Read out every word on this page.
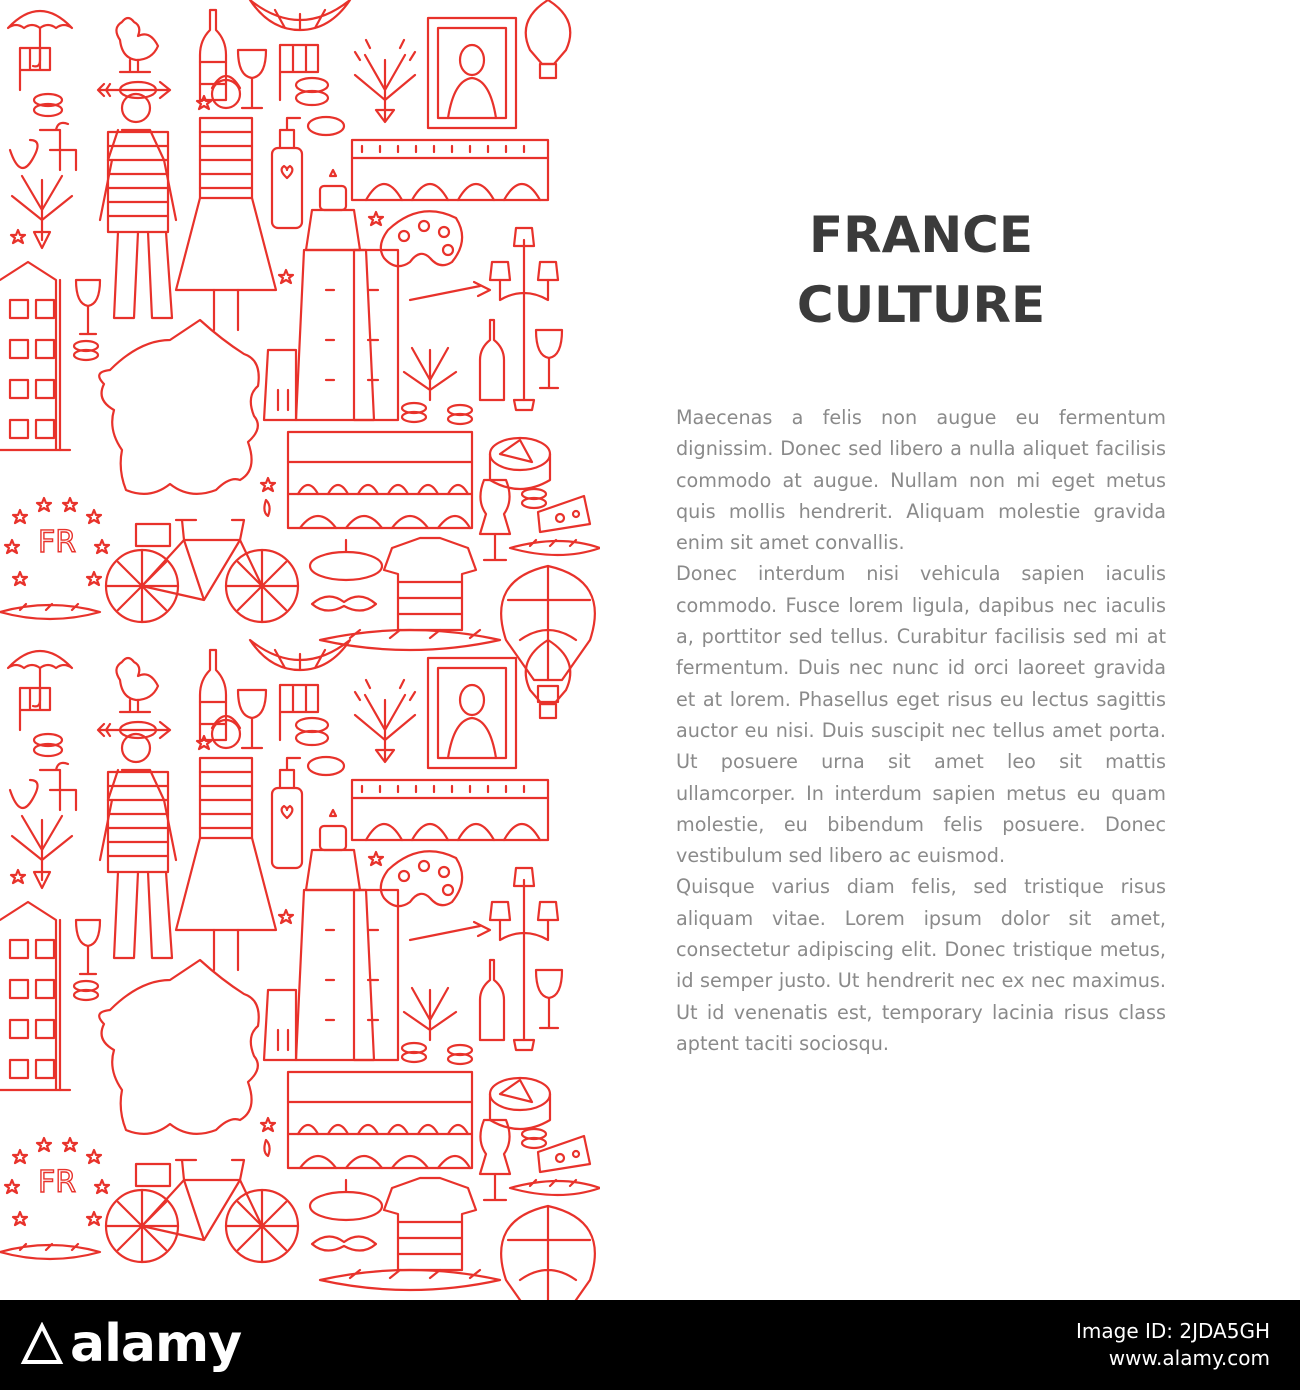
FR
FR
FRANCE
CULTURE

Maecenas a felis non augue eu fermentum dignissim. Donec sed libero a nulla aliquet facilisis commodo at augue. Nullam non mi eget metus quis mollis hendrerit. Aliquam molestie gravida enim sit amet convallis.

Donec interdum nisi vehicula sapien iaculis commodo. Fusce lorem ligula, dapibus nec iaculis a, porttitor sed tellus. Curabitur facilisis sed mi at fermentum. Duis nec nunc id orci laoreet gravida et at lorem. Phasellus eget risus eu lectus sagittis auctor eu nisi. Duis suscipit nec tellus amet porta. Ut posuere urna sit amet leo sit mattis ullamcorper. In interdum sapien metus eu quam molestie, eu bibendum felis posuere. Donec vestibulum sed libero ac euismod.

Quisque varius diam felis, sed tristique risus aliquam vitae. Lorem ipsum dolor sit amet, consectetur adipiscing elit. Donec tristique metus, id semper justo. Ut hendrerit nec ex nec maximus. Ut id venenatis est, temporary lacinia risus class aptent taciti sociosqu.

alamy	Image ID: 2JDA5GH
www.alamy.com
